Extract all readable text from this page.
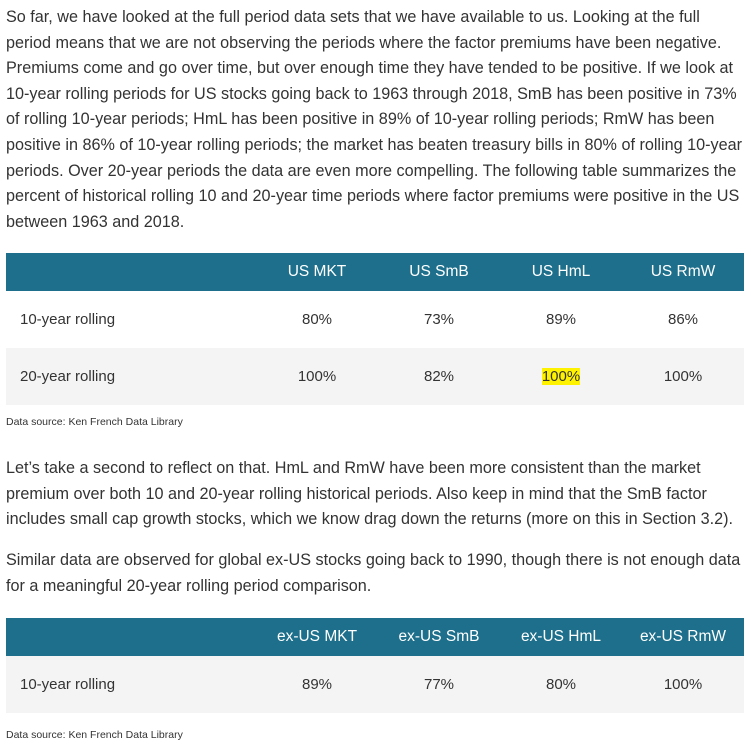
So far, we have looked at the full period data sets that we have available to us. Looking at the full period means that we are not observing the periods where the factor premiums have been negative. Premiums come and go over time, but over enough time they have tended to be positive. If we look at 10-year rolling periods for US stocks going back to 1963 through 2018, SmB has been positive in 73% of rolling 10-year periods; HmL has been positive in 89% of 10-year rolling periods; RmW has been positive in 86% of 10-year rolling periods; the market has beaten treasury bills in 80% of rolling 10-year periods. Over 20-year periods the data are even more compelling. The following table summarizes the percent of historical rolling 10 and 20-year time periods where factor premiums were positive in the US between 1963 and 2018.

	US MKT	US SmB	US HmL	US RmW
10-year rolling	80%	73%	89%	86%
20-year rolling	100%	82%	100%	100%
Data source: Ken French Data Library

Let’s take a second to reflect on that. HmL and RmW have been more consistent than the market premium over both 10 and 20-year rolling historical periods. Also keep in mind that the SmB factor includes small cap growth stocks, which we know drag down the returns (more on this in Section 3.2).

Similar data are observed for global ex-US stocks going back to 1990, though there is not enough data for a meaningful 20-year rolling period comparison.

	ex-US MKT	ex-US SmB	ex-US HmL	ex-US RmW
10-year rolling	89%	77%	80%	100%
Data source: Ken French Data Library
